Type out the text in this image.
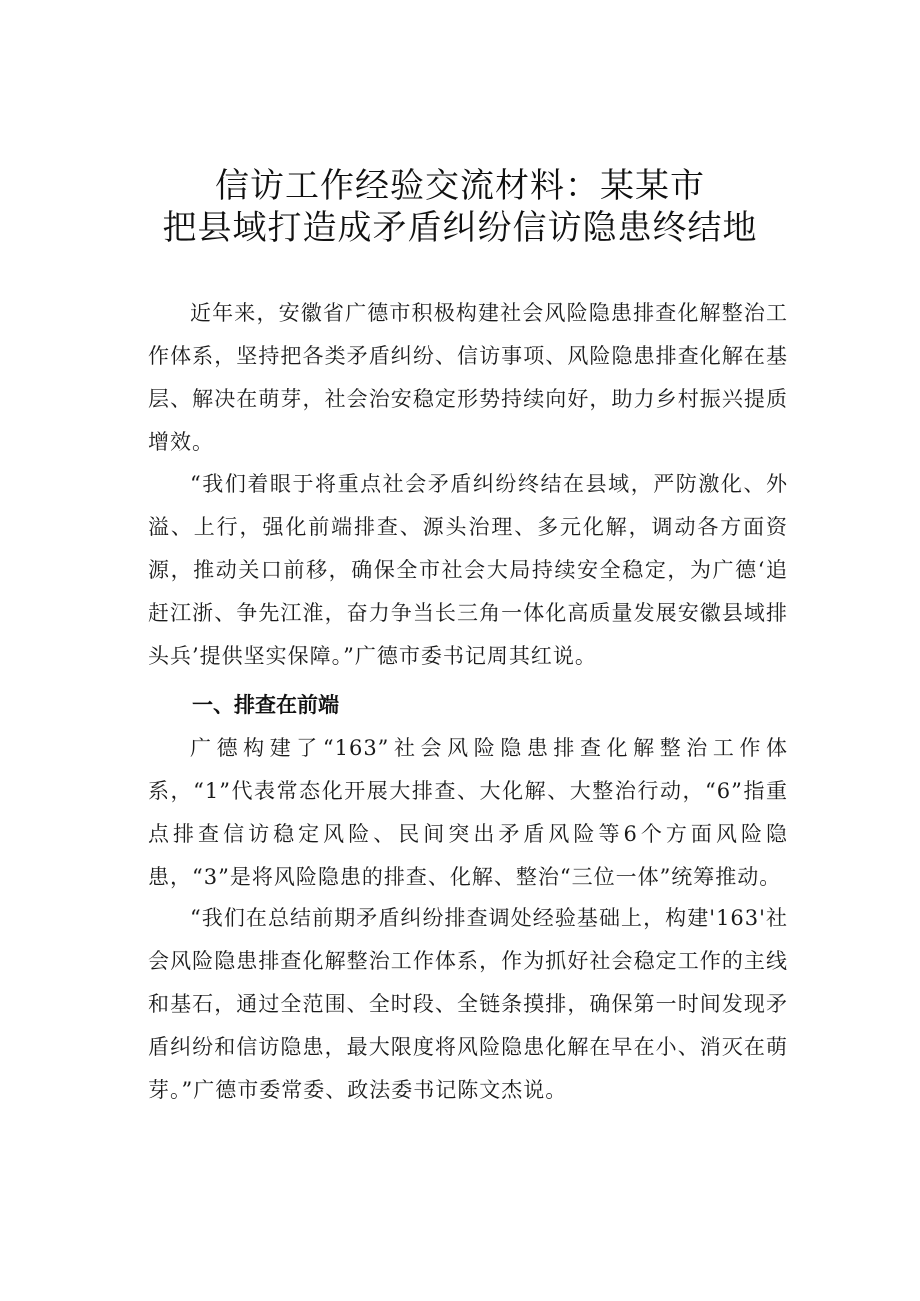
信访工作经验交流材料：某某市
把县域打造成矛盾纠纷信访隐患终结地

近年来，安徽省广德市积极构建社会风险隐患排查化解整治工作体系，坚持把各类矛盾纠纷、信访事项、风险隐患排查化解在基层、解决在萌芽，社会治安稳定形势持续向好，助力乡村振兴提质增效。

“我们着眼于将重点社会矛盾纠纷终结在县域，严防激化、外溢、上行，强化前端排查、源头治理、多元化解，调动各方面资源，推动关口前移，确保全市社会大局持续安全稳定，为广德‘追赶江浙、争先江淮，奋力争当长三角一体化高质量发展安徽县域排头兵’提供坚实保障。”广德市委书记周其红说。

一、排查在前端

广德构建了“163”社会风险隐患排查化解整治工作体系，“1”代表常态化开展大排查、大化解、大整治行动，“6”指重点排查信访稳定风险、民间突出矛盾风险等6个方面风险隐患，“3”是将风险隐患的排查、化解、整治“三位一体”统筹推动。

“我们在总结前期矛盾纠纷排查调处经验基础上，构建'163'社会风险隐患排查化解整治工作体系，作为抓好社会稳定工作的主线和基石，通过全范围、全时段、全链条摸排，确保第一时间发现矛盾纠纷和信访隐患，最大限度将风险隐患化解在早在小、消灭在萌芽。”广德市委常委、政法委书记陈文杰说。
